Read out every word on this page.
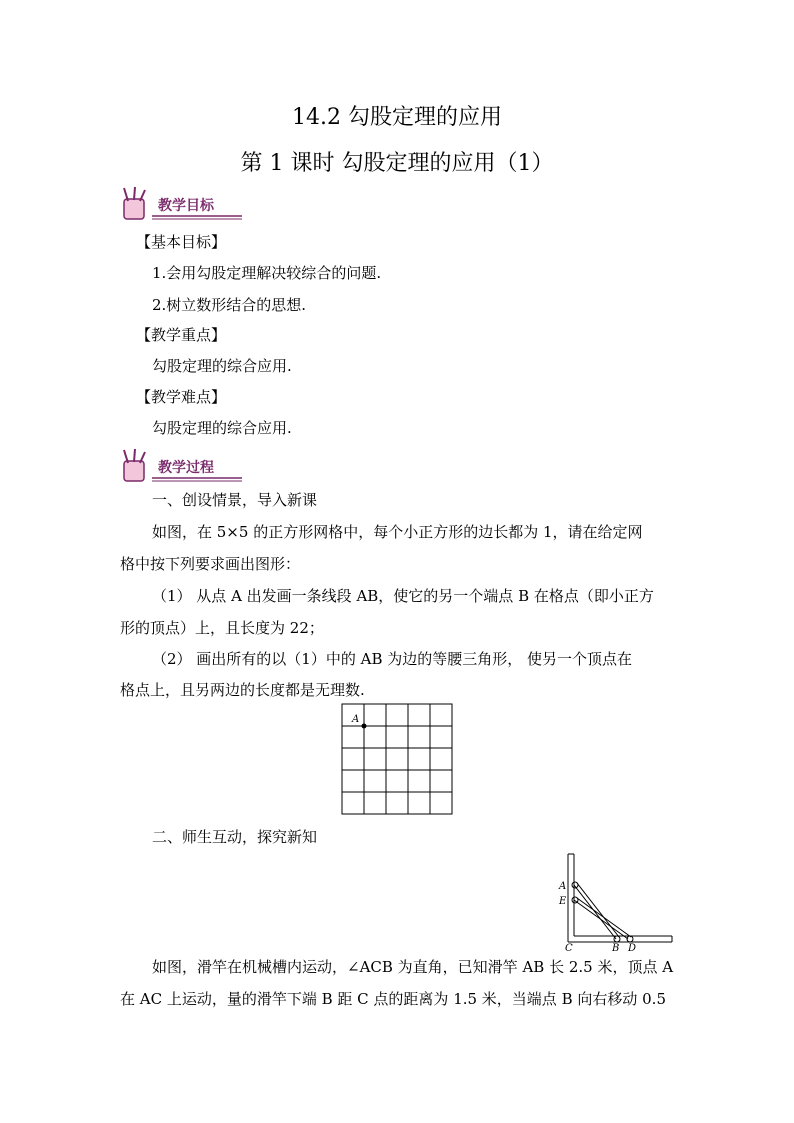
14.2 勾股定理的应用
第 1 课时 勾股定理的应用（1）
教学目标
【基本目标】
1.会用勾股定理解决较综合的问题.
2.树立数形结合的思想.
【教学重点】
勾股定理的综合应用.
【教学难点】
勾股定理的综合应用.
教学过程
一、创设情景，导入新课
如图，在 5×5 的正方形网格中，每个小正方形的边长都为 1，请在给定网
格中按下列要求画出图形：
（1） 从点 A 出发画一条线段 AB，使它的另一个端点 B 在格点（即小正方
形的顶点）上，且长度为 22；
（2） 画出所有的以（1）中的 AB 为边的等腰三角形， 使另一个顶点在
格点上，且另两边的长度都是无理数.
A
二、师生互动，探究新知
A
E
C	B D
如图，滑竿在机械槽内运动，∠ACB 为直角，已知滑竿 AB 长 2.5 米，顶点 A
在 AC 上运动，量的滑竿下端 B 距 C 点的距离为 1.5 米，当端点 B 向右移动 0.5
